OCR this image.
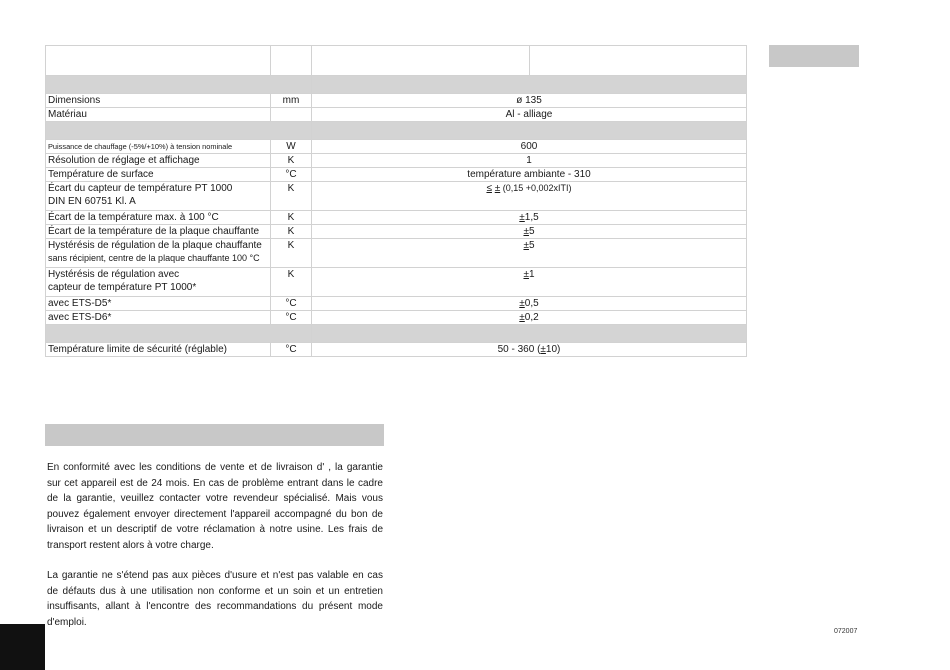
Dimensions	mm	ø 135	
Matériau		Al - alliage	

Puissance de chauffage (-5%/+10%) à tension nominale	W	600	
Résolution de réglage et affichage	K	1	
Température de surface	°C	température ambiante - 310	
Écart du capteur de température PT 1000
DIN EN 60751 Kl. A	K	≤ ± (0,15 +0,002xITI)	
Écart de la température max. à 100 °C	K	±1,5	
Écart de la température de la plaque chauffante	K	±5	
Hystérésis de régulation de la plaque chauffante
sans récipient, centre de la plaque chauffante 100 °C	K	±5	
Hystérésis de régulation avec
capteur de température PT 1000*	K	±1	
avec ETS-D5*	°C	±0,5	
avec ETS-D6*	°C	±0,2	

Température limite de sécurité (réglable)	°C	50 - 360 (±10)	

En conformité avec les conditions de vente et de livraison d' , la garantie sur cet appareil est de 24 mois. En cas de problème entrant dans le cadre de la garantie, veuillez contacter votre revendeur spécialisé. Mais vous pouvez également envoyer directement l'appareil accompagné du bon de livraison et un descriptif de votre réclamation à notre usine. Les frais de transport restent alors à votre charge.

La garantie ne s'étend pas aux pièces d'usure et n'est pas valable en cas de défauts dus à une utilisation non conforme et un soin et un entretien insuffisants, allant à l'encontre des recommandations du présent mode d'emploi.

072007
